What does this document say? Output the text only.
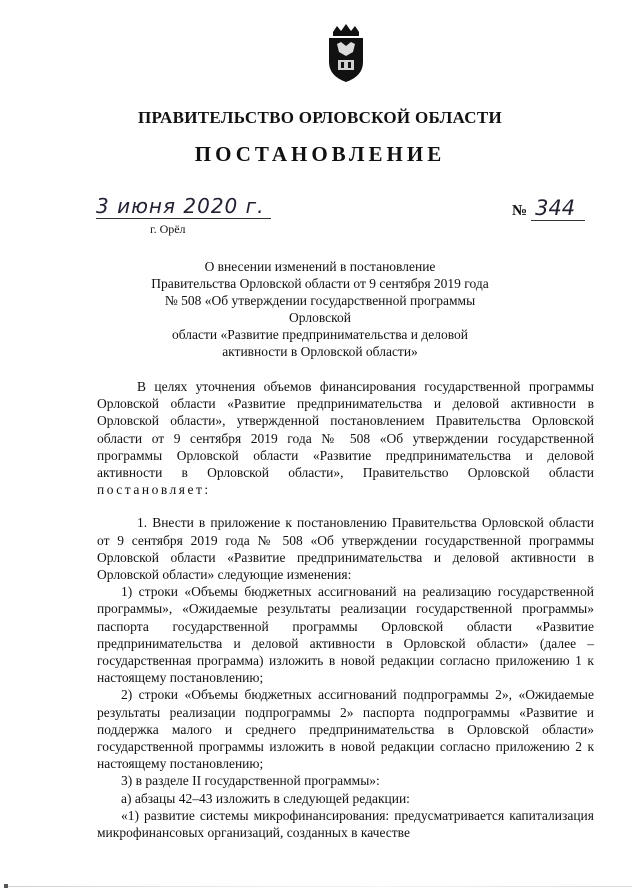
ПРАВИТЕЛЬСТВО ОРЛОВСКОЙ ОБЛАСТИ
ПОСТАНОВЛЕНИЕ
3 июня 2020 г.	№ 344
г. Орёл
О внесении изменений в постановление
Правительства Орловской области от 9 сентября 2019 года
№ 508 «Об утверждении государственной программы Орловской
области «Развитие предпринимательства и деловой
активности в Орловской области»

В целях уточнения объемов финансирования государственной программы Орловской области «Развитие предпринимательства и деловой активности в Орловской области», утвержденной постановлением Правительства Орловской области от 9 сентября 2019 года № 508 «Об утверждении государственной программы Орловской области «Развитие предпринимательства и деловой активности в Орловской области», Правительство Орловской области постановляет:

1. Внести в приложение к постановлению Правительства Орловской области от 9 сентября 2019 года № 508 «Об утверждении государственной программы Орловской области «Развитие предпринимательства и деловой активности в Орловской области» следующие изменения:

1) строки «Объемы бюджетных ассигнований на реализацию государственной программы», «Ожидаемые результаты реализации государственной программы» паспорта государственной программы Орловской области «Развитие предпринимательства и деловой активности в Орловской области» (далее – государственная программа) изложить в новой редакции согласно приложению 1 к настоящему постановлению;

2) строки «Объемы бюджетных ассигнований подпрограммы 2», «Ожидаемые результаты реализации подпрограммы 2» паспорта подпрограммы «Развитие и поддержка малого и среднего предпринимательства в Орловской области» государственной программы изложить в новой редакции согласно приложению 2 к настоящему постановлению;

3) в разделе II государственной программы»:

а) абзацы 42–43 изложить в следующей редакции:

«1) развитие системы микрофинансирования: предусматривается капитализация микрофинансовых организаций, созданных в качестве
